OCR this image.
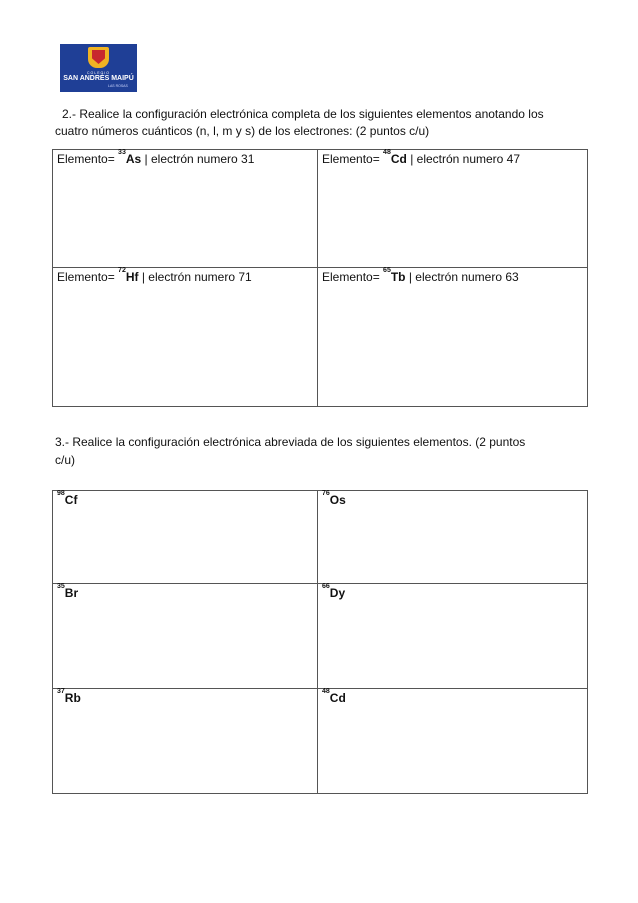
COLEGIO
SAN ANDRÉS MAIPÚ
LAS ROSAS
2.- Realice la configuración electrónica completa de los siguientes elementos anotando los
cuatro números cuánticos (n, l, m y s) de los electrones: (2 puntos c/u)
Elemento= $^{33}$As | electrón numero 31	Elemento= $^{48}$Cd | electrón numero 47
Elemento= $^{72}$Hf | electrón numero 71	Elemento= $^{65}$Tb | electrón numero 63
3.- Realice la configuración electrónica abreviada de los siguientes elementos. (2 puntos
c/u)
$^{98}$Cf	$^{76}$Os
$^{35}$Br	$^{66}$Dy
$^{37}$Rb	$^{48}$Cd
